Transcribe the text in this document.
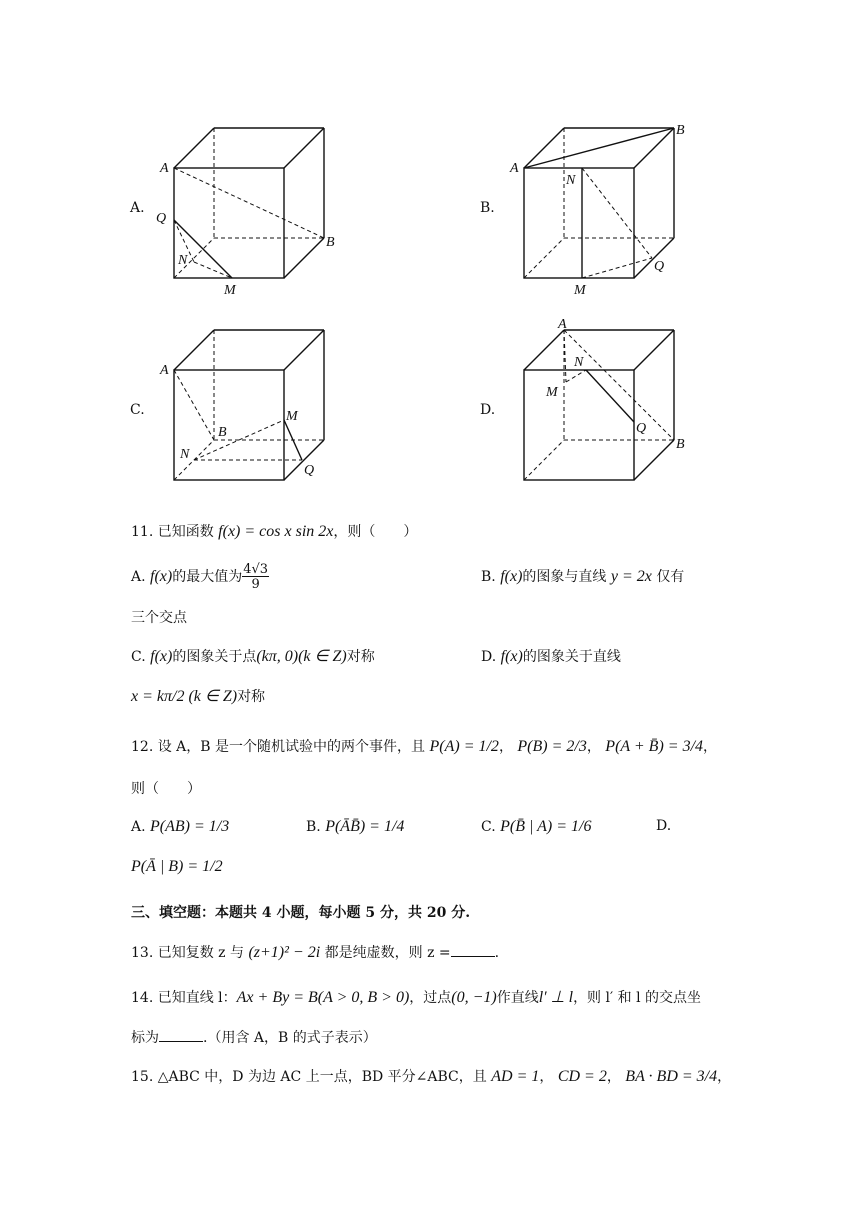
A.
A
B
Q
N
M
B.
A
B
N
Q
M
C.
A
B
M
N
Q
D.
A
N
M
Q
B
11. 已知函数 f(x) = cos x sin 2x，则（　　）
A. f(x)的最大值为 $\frac{4√3}{9}$	B. f(x)的图象与直线 y = 2x 仅有
三个交点
C. f(x)的图象关于点(kπ, 0)(k ∈ Z)对称	D. f(x)的图象关于直线
x = kπ/2 (k ∈ Z)对称
12. 设 A，B 是一个随机试验中的两个事件，且 P(A) = 1/2， P(B) = 2/3， P(A + B̄) = 3/4，
则（　　）
A. P(AB) = 1/3	B. P(ĀB̄) = 1/4	C. P(B̄ | A) = 1/6	D.
P(Ā | B) = 1/2
三、填空题：本题共 4 小题，每小题 5 分，共 20 分.
13. 已知复数 z 与 (z+1)² − 2i 都是纯虚数，则 z =	.
14. 已知直线 l：Ax + By = B(A > 0, B > 0)，过点(0, −1)作直线l′ ⊥ l，则 l′ 和 l 的交点坐
标为	.（用含 A，B 的式子表示）
15. △ABC 中，D 为边 AC 上一点，BD 平分∠ABC，且 AD = 1， CD = 2， BA · BD = 3/4，
